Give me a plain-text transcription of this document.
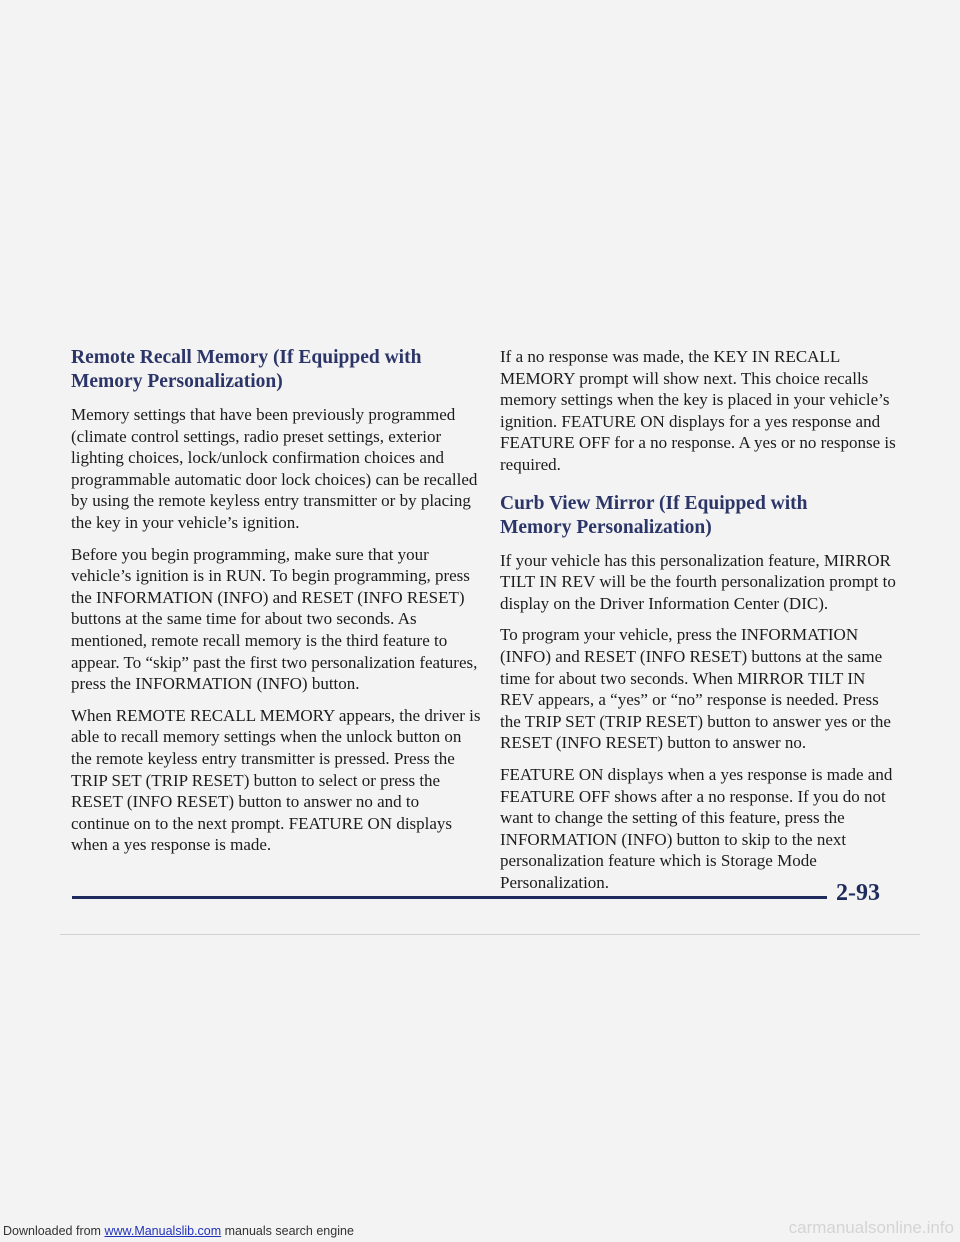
Remote Recall Memory (If Equipped with
Memory Personalization)

Memory settings that have been previously programmed (climate control settings, radio preset settings, exterior lighting choices, lock/unlock confirmation choices and programmable automatic door lock choices) can be recalled by using the remote keyless entry transmitter or by placing the key in your vehicle’s ignition.

Before you begin programming, make sure that your vehicle’s ignition is in RUN. To begin programming, press the INFORMATION (INFO) and RESET (INFO RESET) buttons at the same time for about two seconds. As mentioned, remote recall memory is the third feature to appear. To “skip” past the first two personalization features, press the INFORMATION (INFO) button.

When REMOTE RECALL MEMORY appears, the driver is able to recall memory settings when the unlock button on the remote keyless entry transmitter is pressed. Press the TRIP SET (TRIP RESET) button to select or press the RESET (INFO RESET) button to answer no and to continue on to the next prompt. FEATURE ON displays when a yes response is made.

If a no response was made, the KEY IN RECALL MEMORY prompt will show next. This choice recalls memory settings when the key is placed in your vehicle’s ignition. FEATURE ON displays for a yes response and FEATURE OFF for a no response. A yes or no response is required.

Curb View Mirror (If Equipped with
Memory Personalization)

If your vehicle has this personalization feature, MIRROR TILT IN REV will be the fourth personalization prompt to display on the Driver Information Center (DIC).

To program your vehicle, press the INFORMATION (INFO) and RESET (INFO RESET) buttons at the same time for about two seconds. When MIRROR TILT IN REV appears, a “yes” or “no” response is needed. Press the TRIP SET (TRIP RESET) button to answer yes or the RESET (INFO RESET) button to answer no.

FEATURE ON displays when a yes response is made and FEATURE OFF shows after a no response. If you do not want to change the setting of this feature, press the INFORMATION (INFO) button to skip to the next personalization feature which is Storage Mode Personalization.	2-93

Downloaded from www.Manualslib.com manuals search engine	carmanualsonline.info
